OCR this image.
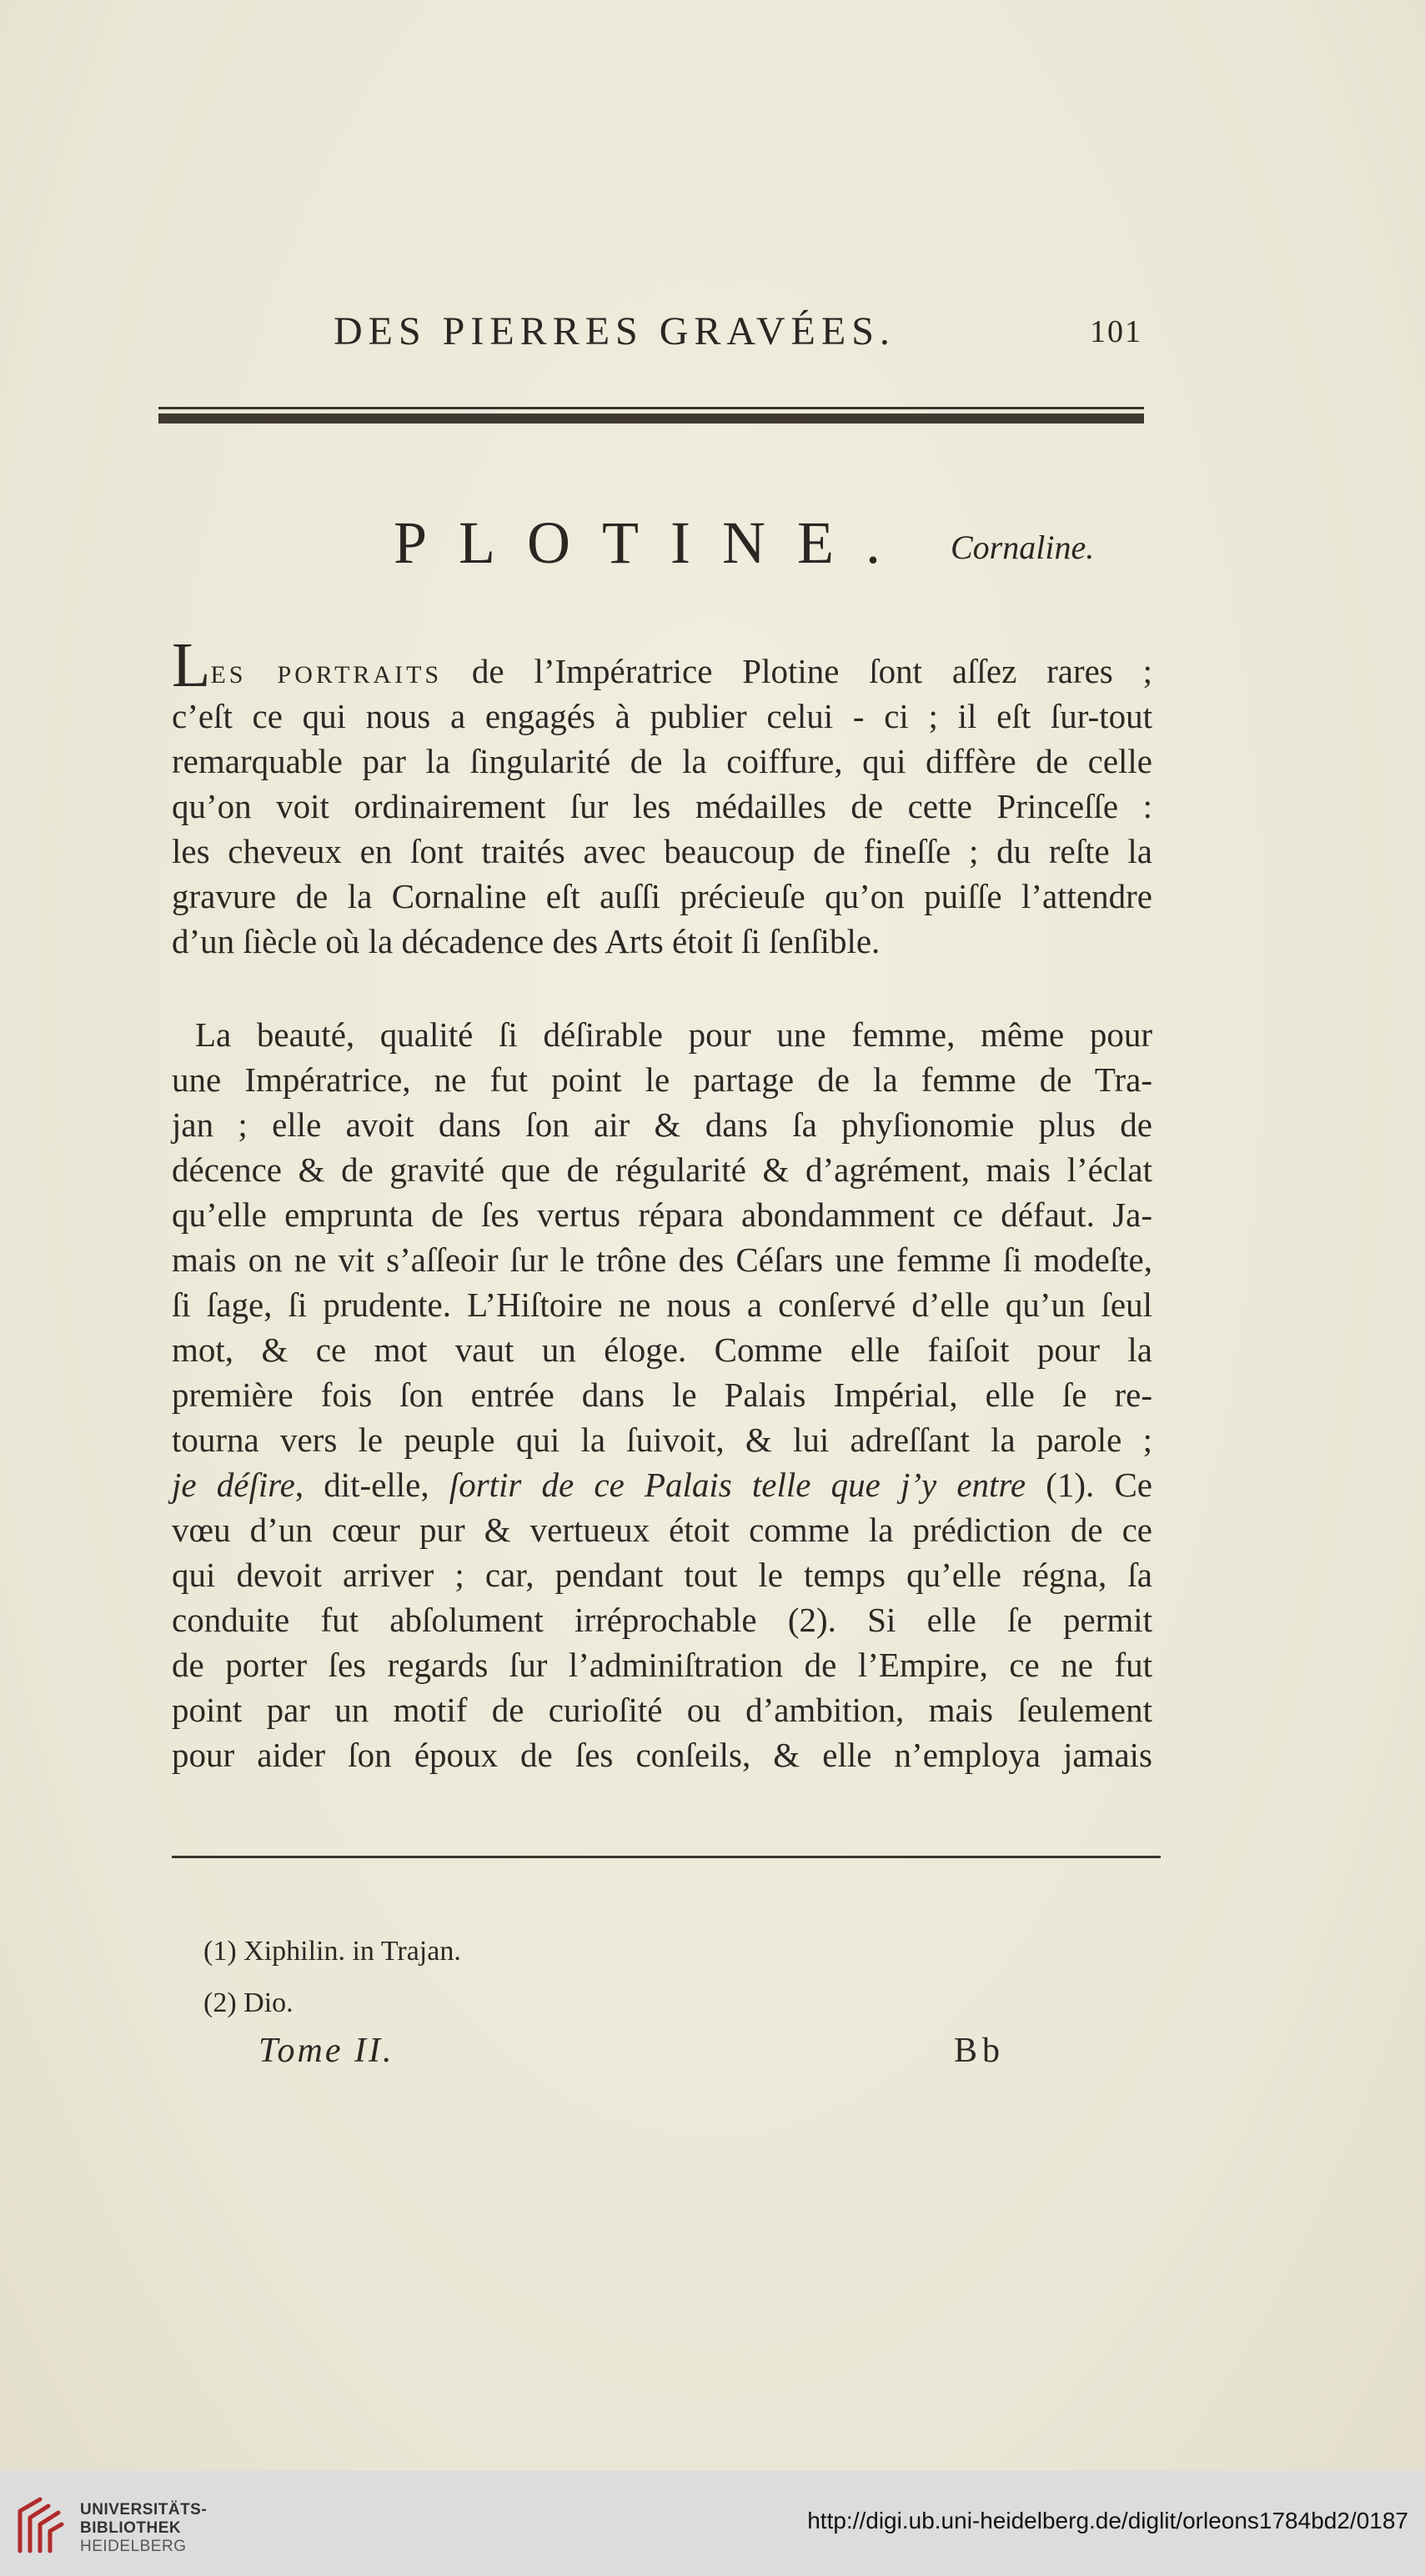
DES PIERRES GRAVÉES.	101
PLOTINE. Cornaline.
LES PORTRAITS de l’Impératrice Plotine ſont aſſez rares ;
c’eſt ce qui nous a engagés à publier celui - ci ; il eſt ſur-tout
remarquable par la ſingularité de la coiffure, qui diffère de celle
qu’on voit ordinairement ſur les médailles de cette Princeſſe :
les cheveux en ſont traités avec beaucoup de fineſſe ; du reſte la
gravure de la Cornaline eſt auſſi précieuſe qu’on puiſſe l’attendre
d’un ſiècle où la décadence des Arts étoit ſi ſenſible.
La beauté, qualité ſi déſirable pour une femme, même pour
une Impératrice, ne fut point le partage de la femme de Tra-
jan ; elle avoit dans ſon air & dans ſa phyſionomie plus de
décence & de gravité que de régularité & d’agrément, mais l’éclat
qu’elle emprunta de ſes vertus répara abondamment ce défaut. Ja-
mais on ne vit s’aſſeoir ſur le trône des Céſars une femme ſi modeſte,
ſi ſage, ſi prudente. L’Hiſtoire ne nous a conſervé d’elle qu’un ſeul
mot, & ce mot vaut un éloge. Comme elle faiſoit pour la
première fois ſon entrée dans le Palais Impérial, elle ſe re-
tourna vers le peuple qui la ſuivoit, & lui adreſſant la parole ;
je déſire, dit-elle, ſortir de ce Palais telle que j’y entre (1). Ce
vœu d’un cœur pur & vertueux étoit comme la prédiction de ce
qui devoit arriver ; car, pendant tout le temps qu’elle régna, ſa
conduite fut abſolument irréprochable (2). Si elle ſe permit
de porter ſes regards ſur l’adminiſtration de l’Empire, ce ne fut
point par un motif de curioſité ou d’ambition, mais ſeulement
pour aider ſon époux de ſes conſeils, & elle n’employa jamais
(1) Xiphilin. in Trajan.
(2) Dio.
Tome II.	Bb
UNIVERSITÄTS-
BIBLIOTHEK
HEIDELBERG
http://digi.ub.uni-heidelberg.de/diglit/orleons1784bd2/0187
